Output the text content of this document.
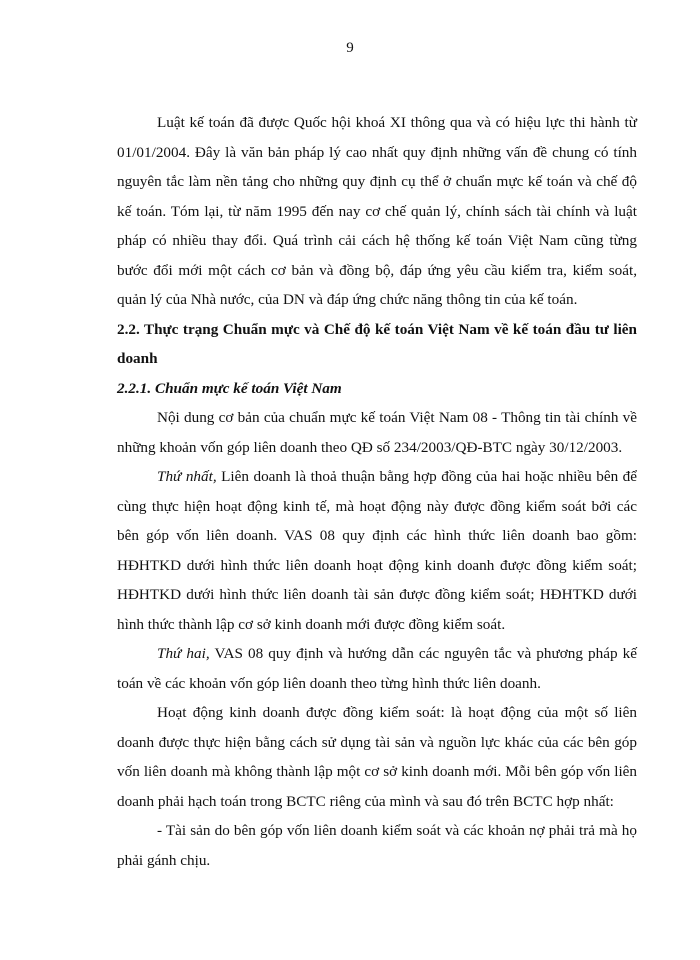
9

Luật kế toán đã được Quốc hội khoá XI thông qua và có hiệu lực thi hành từ 01/01/2004. Đây là văn bản pháp lý cao nhất quy định những vấn đề chung có tính nguyên tắc làm nền tảng cho những quy định cụ thể ở chuẩn mực kế toán và chế độ kế toán. Tóm lại, từ năm 1995 đến nay cơ chế quản lý, chính sách tài chính và luật pháp có nhiều thay đổi. Quá trình cải cách hệ thống kế toán Việt Nam cũng từng bước đổi mới một cách cơ bản và đồng bộ, đáp ứng yêu cầu kiểm tra, kiểm soát, quản lý của Nhà nước, của DN và đáp ứng chức năng thông tin của kế toán.

2.2. Thực trạng Chuẩn mực và Chế độ kế toán Việt Nam về kế toán đầu tư liên doanh
2.2.1. Chuẩn mực kế toán Việt Nam

Nội dung cơ bản của chuẩn mực kế toán Việt Nam 08 - Thông tin tài chính về những khoản vốn góp liên doanh theo QĐ số 234/2003/QĐ-BTC ngày 30/12/2003.

Thứ nhất, Liên doanh là thoả thuận bằng hợp đồng của hai hoặc nhiều bên để cùng thực hiện hoạt động kinh tế, mà hoạt động này được đồng kiểm soát bởi các bên góp vốn liên doanh. VAS 08 quy định các hình thức liên doanh bao gồm: HĐHTKD dưới hình thức liên doanh hoạt động kinh doanh được đồng kiểm soát; HĐHTKD dưới hình thức liên doanh tài sản được đồng kiểm soát; HĐHTKD dưới hình thức thành lập cơ sở kinh doanh mới được đồng kiểm soát.

Thứ hai, VAS 08 quy định và hướng dẫn các nguyên tắc và phương pháp kế toán về các khoản vốn góp liên doanh theo từng hình thức liên doanh.

Hoạt động kinh doanh được đồng kiểm soát: là hoạt động của một số liên doanh được thực hiện bằng cách sử dụng tài sản và nguồn lực khác của các bên góp vốn liên doanh mà không thành lập một cơ sở kinh doanh mới. Mỗi bên góp vốn liên doanh phải hạch toán trong BCTC riêng của mình và sau đó trên BCTC hợp nhất:

- Tài sản do bên góp vốn liên doanh kiểm soát và các khoản nợ phải trả mà họ phải gánh chịu.
